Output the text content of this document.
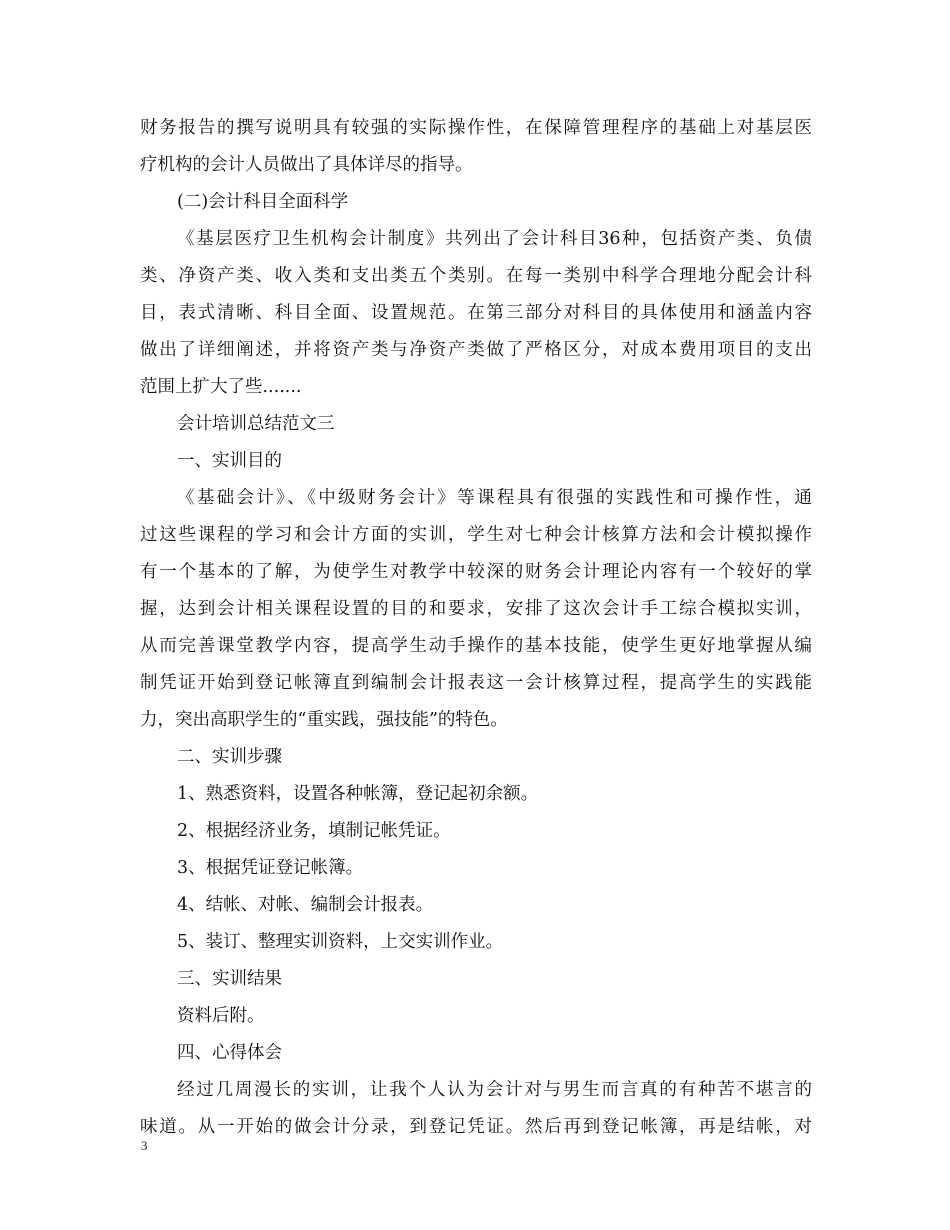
财务报告的撰写说明具有较强的实际操作性，在保障管理程序的基础上对基层医
疗机构的会计人员做出了具体详尽的指导。
(二)会计科目全面科学
《基层医疗卫生机构会计制度》共列出了会计科目36种，包括资产类、负债
类、净资产类、收入类和支出类五个类别。在每一类别中科学合理地分配会计科
目，表式清晰、科目全面、设置规范。在第三部分对科目的具体使用和涵盖内容
做出了详细阐述，并将资产类与净资产类做了严格区分，对成本费用项目的支出
范围上扩大了些.......
会计培训总结范文三
一、实训目的
《基础会计》、《中级财务会计》等课程具有很强的实践性和可操作性，通
过这些课程的学习和会计方面的实训，学生对七种会计核算方法和会计模拟操作
有一个基本的了解，为使学生对教学中较深的财务会计理论内容有一个较好的掌
握，达到会计相关课程设置的目的和要求，安排了这次会计手工综合模拟实训，
从而完善课堂教学内容，提高学生动手操作的基本技能，使学生更好地掌握从编
制凭证开始到登记帐簿直到编制会计报表这一会计核算过程，提高学生的实践能
力，突出高职学生的“重实践，强技能”的特色。
二、实训步骤
1、熟悉资料，设置各种帐簿，登记起初余额。
2、根据经济业务，填制记帐凭证。
3、根据凭证登记帐簿。
4、结帐、对帐、编制会计报表。
5、装订、整理实训资料，上交实训作业。
三、实训结果
资料后附。
四、心得体会
经过几周漫长的实训，让我个人认为会计对与男生而言真的有种苦不堪言的
味道。从一开始的做会计分录，到登记凭证。然后再到登记帐簿，再是结帐，对
3
